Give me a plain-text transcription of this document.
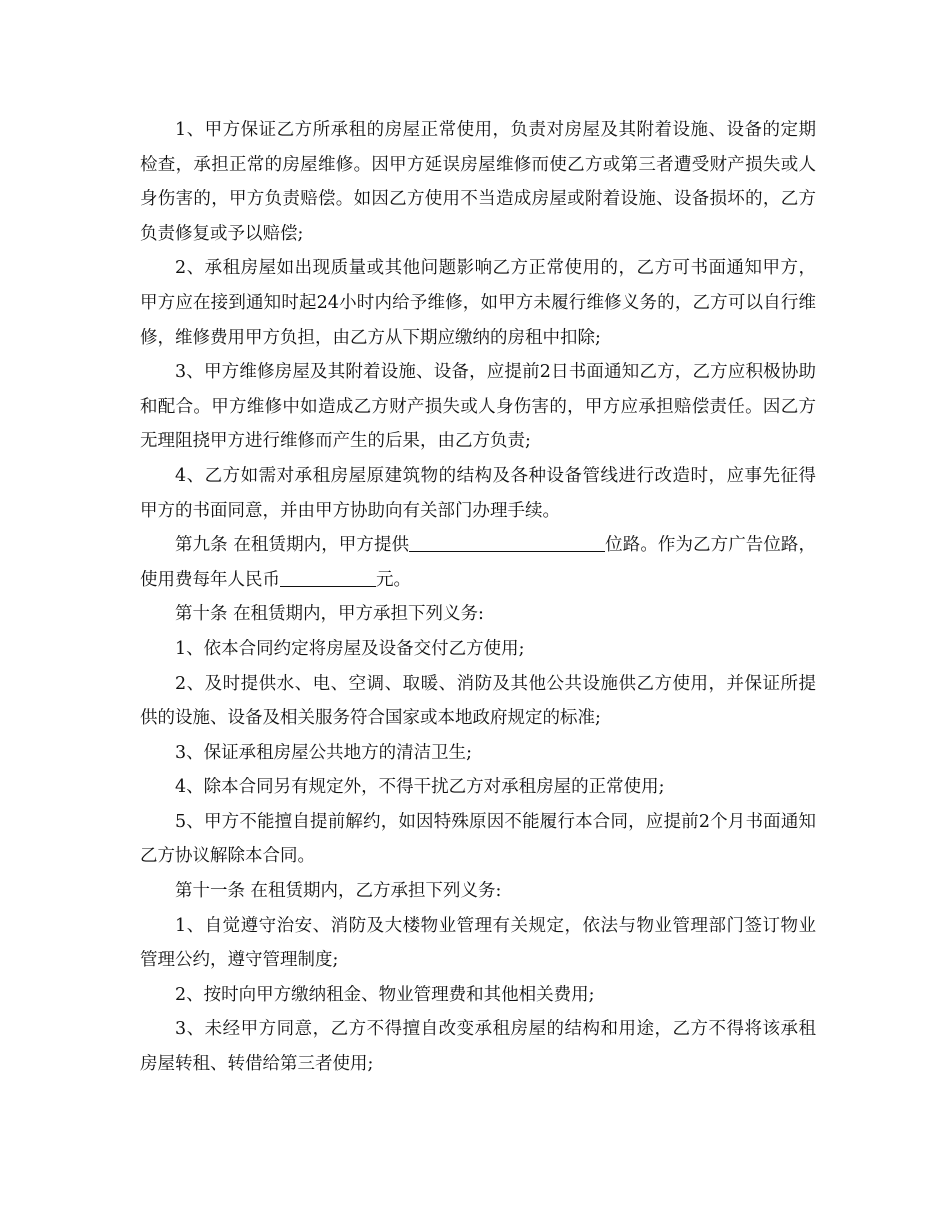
1、甲方保证乙方所承租的房屋正常使用，负责对房屋及其附着设施、设备的定期检查，承担正常的房屋维修。因甲方延误房屋维修而使乙方或第三者遭受财产损失或人身伤害的，甲方负责赔偿。如因乙方使用不当造成房屋或附着设施、设备损坏的，乙方负责修复或予以赔偿;

2、承租房屋如出现质量或其他问题影响乙方正常使用的，乙方可书面通知甲方，甲方应在接到通知时起24小时内给予维修，如甲方未履行维修义务的，乙方可以自行维修，维修费用甲方负担，由乙方从下期应缴纳的房租中扣除;

3、甲方维修房屋及其附着设施、设备，应提前2日书面通知乙方，乙方应积极协助和配合。甲方维修中如造成乙方财产损失或人身伤害的，甲方应承担赔偿责任。因乙方无理阻挠甲方进行维修而产生的后果，由乙方负责;

4、乙方如需对承租房屋原建筑物的结构及各种设备管线进行改造时，应事先征得甲方的书面同意，并由甲方协助向有关部门办理手续。

第九条 在租赁期内，甲方提供	位路。作为乙方广告位路，使用费每年人民币	元。

第十条 在租赁期内，甲方承担下列义务:

1、依本合同约定将房屋及设备交付乙方使用;

2、及时提供水、电、空调、取暖、消防及其他公共设施供乙方使用，并保证所提供的设施、设备及相关服务符合国家或本地政府规定的标准;

3、保证承租房屋公共地方的清洁卫生;

4、除本合同另有规定外，不得干扰乙方对承租房屋的正常使用;

5、甲方不能擅自提前解约，如因特殊原因不能履行本合同，应提前2个月书面通知乙方协议解除本合同。

第十一条 在租赁期内，乙方承担下列义务:

1、自觉遵守治安、消防及大楼物业管理有关规定，依法与物业管理部门签订物业管理公约，遵守管理制度;

2、按时向甲方缴纳租金、物业管理费和其他相关费用;

3、未经甲方同意，乙方不得擅自改变承租房屋的结构和用途，乙方不得将该承租房屋转租、转借给第三者使用;
